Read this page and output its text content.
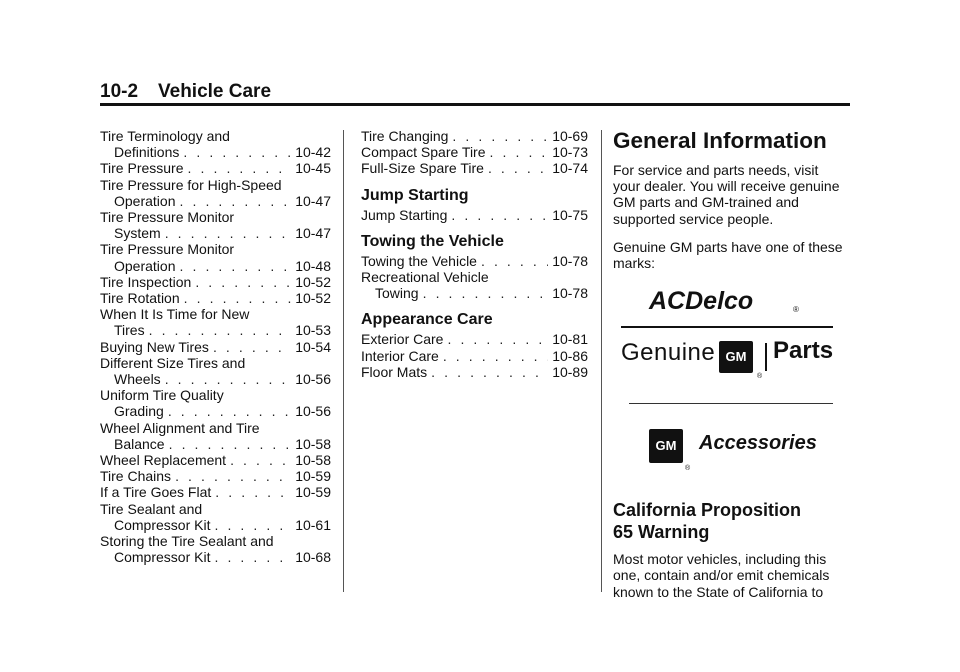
10-2 Vehicle Care
Tire Terminology and
Definitions . . .	10-42
Tire Pressure . . .	10-45
Tire Pressure for High-Speed
Operation . . .	10-47
Tire Pressure Monitor
System . . .	10-47
Tire Pressure Monitor
Operation . . .	10-48
Tire Inspection . . .	10-52
Tire Rotation . . .	10-52
When It Is Time for New
Tires . . .	10-53
Buying New Tires . . .	10-54
Different Size Tires and
Wheels . . .	10-56
Uniform Tire Quality
Grading . . .	10-56
Wheel Alignment and Tire
Balance . . .	10-58
Wheel Replacement . . .	10-58
Tire Chains . . .	10-59
If a Tire Goes Flat . . .	10-59
Tire Sealant and
Compressor Kit . . .	10-61
Storing the Tire Sealant and
Compressor Kit . . .	10-68
Tire Changing . . .	10-69
Compact Spare Tire . . .	10-73
Full-Size Spare Tire . . .	10-74
Jump Starting
Jump Starting . . .	10-75
Towing the Vehicle
Towing the Vehicle . . .	10-78
Recreational Vehicle
Towing . . .	10-78
Appearance Care
Exterior Care . . .	10-81
Interior Care . . .	10-86
Floor Mats . . .	10-89
General Information

For service and parts needs, visit your dealer. You will receive genuine GM parts and GM-trained and supported service people.

Genuine GM parts have one of these marks:

ACDelco	®
Genuine GM
®
Parts
GM
®
Accessories
California Proposition
65 Warning

Most motor vehicles, including this one, contain and/or emit chemicals known to the State of California to
